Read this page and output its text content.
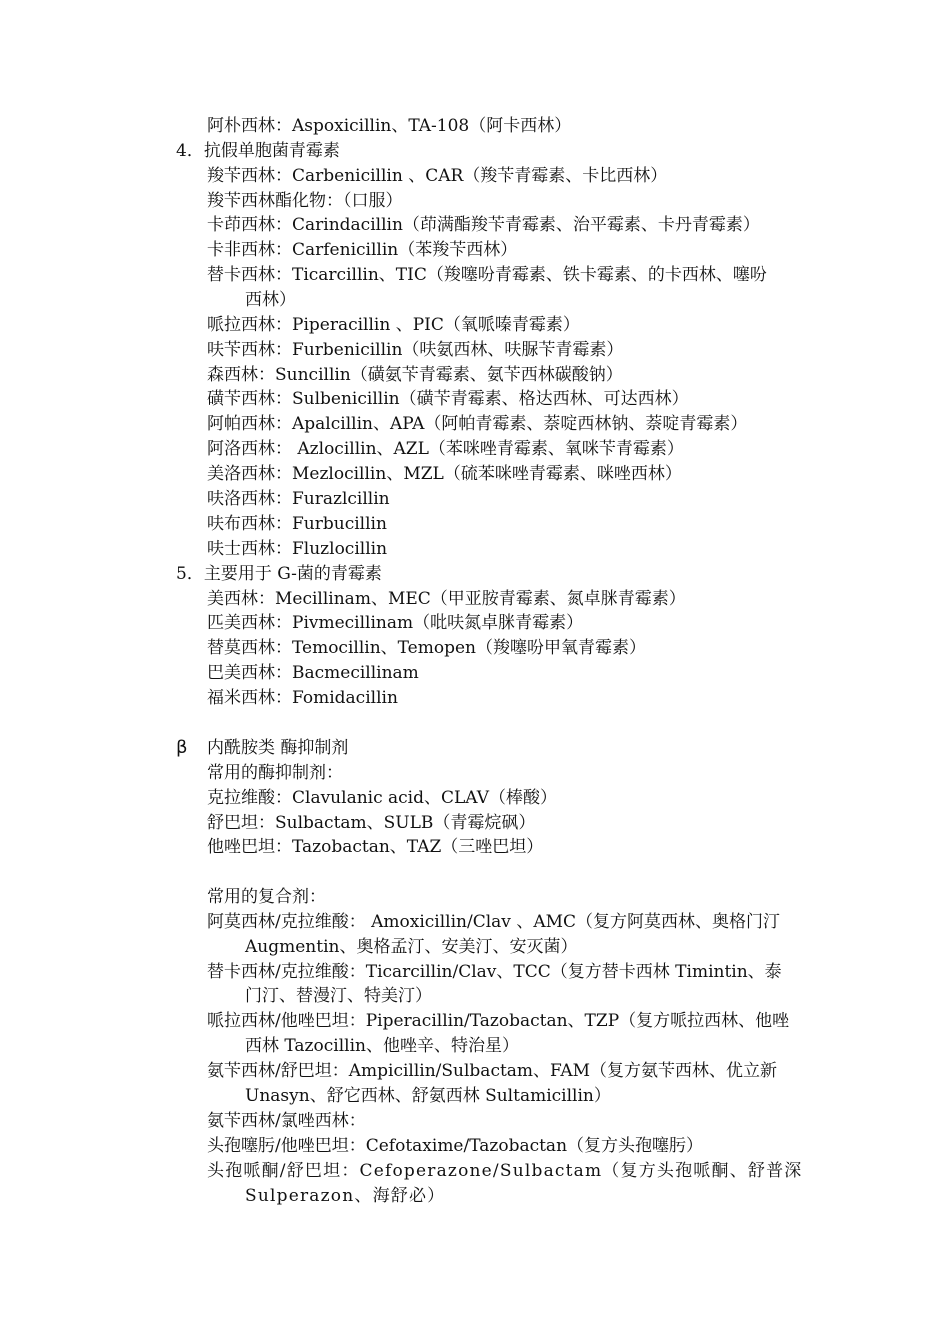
阿朴西林：Aspoxicillin、TA-108（阿卡西林）
4．抗假单胞菌青霉素
羧苄西林：Carbenicillin 、CAR（羧苄青霉素、卡比西林）
羧苄西林酯化物：（口服）
卡茚西林：Carindacillin（茚满酯羧苄青霉素、治平霉素、卡丹青霉素）
卡非西林：Carfenicillin（苯羧苄西林）
替卡西林：Ticarcillin、TIC（羧噻吩青霉素、铁卡霉素、的卡西林、噻吩
西林）
哌拉西林：Piperacillin 、PIC（氧哌嗪青霉素）
呋苄西林：Furbenicillin（呋氨西林、呋脲苄青霉素）
森西林：Suncillin（磺氨苄青霉素、氨苄西林碳酸钠）
磺苄西林：Sulbenicillin（磺苄青霉素、格达西林、可达西林）
阿帕西林：Apalcillin、APA（阿帕青霉素、萘啶西林钠、萘啶青霉素）
阿洛西林： Azlocillin、AZL（苯咪唑青霉素、氧咪苄青霉素）
美洛西林：Mezlocillin、MZL（硫苯咪唑青霉素、咪唑西林）
呋洛西林：Furazlcillin
呋布西林：Furbucillin
呋士西林：Fluzlocillin
5．主要用于 G-菌的青霉素
美西林：Mecillinam、MEC（甲亚胺青霉素、氮卓脒青霉素）
匹美西林：Pivmecillinam（吡呋氮卓脒青霉素）
替莫西林：Temocillin、Temopen（羧噻吩甲氧青霉素）
巴美西林：Bacmecillinam
福米西林：Fomidacillin
β 内酰胺类 酶抑制剂
常用的酶抑制剂：
克拉维酸：Clavulanic acid、CLAV（棒酸）
舒巴坦：Sulbactam、SULB（青霉烷砜）
他唑巴坦：Tazobactan、TAZ（三唑巴坦）
常用的复合剂：
阿莫西林/克拉维酸： Amoxicillin/Clav 、AMC（复方阿莫西林、奥格门汀
Augmentin、奥格孟汀、安美汀、安灭菌）
替卡西林/克拉维酸：Ticarcillin/Clav、TCC（复方替卡西林 Timintin、泰
门汀、替漫汀、特美汀）
哌拉西林/他唑巴坦：Piperacillin/Tazobactan、TZP（复方哌拉西林、他唑
西林 Tazocillin、他唑辛、特治星）
氨苄西林/舒巴坦：Ampicillin/Sulbactam、FAM（复方氨苄西林、优立新
Unasyn、舒它西林、舒氨西林 Sultamicillin）
氨苄西林/氯唑西林：
头孢噻肟/他唑巴坦：Cefotaxime/Tazobactan（复方头孢噻肟）
头孢哌酮/舒巴坦：Cefoperazone/Sulbactam（复方头孢哌酮、舒普深
Sulperazon、海舒必）
